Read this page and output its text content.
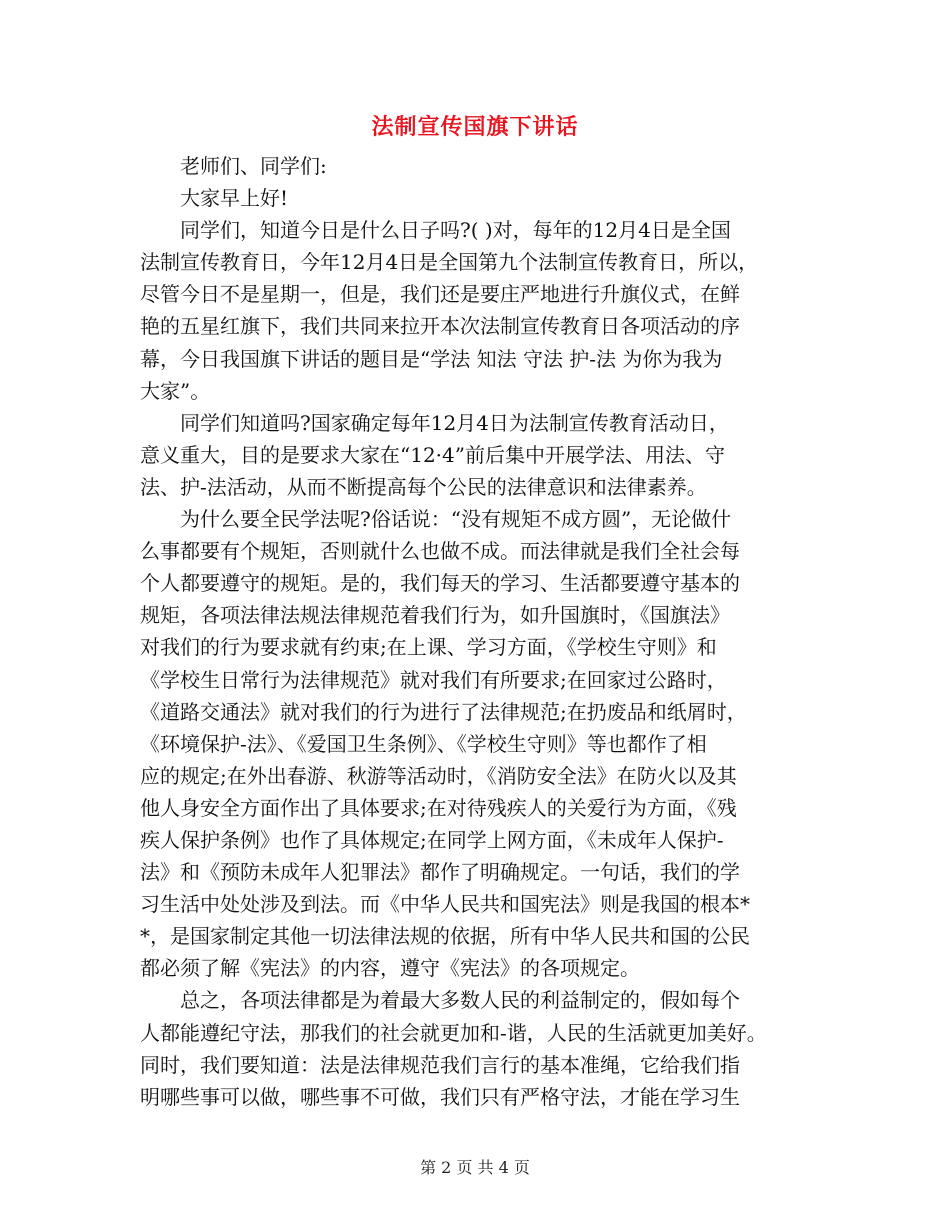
法制宣传国旗下讲话
　　老师们、同学们:
　　大家早上好!
　　同学们，知道今日是什么日子吗?( )对，每年的12月4日是全国
法制宣传教育日，今年12月4日是全国第九个法制宣传教育日，所以，
尽管今日不是星期一，但是，我们还是要庄严地进行升旗仪式，在鲜
艳的五星红旗下，我们共同来拉开本次法制宣传教育日各项活动的序
幕，今日我国旗下讲话的题目是“学法 知法 守法 护-法 为你为我为
大家”。
　　同学们知道吗?国家确定每年12月4日为法制宣传教育活动日，
意义重大，目的是要求大家在“12·4”前后集中开展学法、用法、守
法、护-法活动，从而不断提高每个公民的法律意识和法律素养。
　　为什么要全民学法呢?俗话说：“没有规矩不成方圆”，无论做什
么事都要有个规矩，否则就什么也做不成。而法律就是我们全社会每
个人都要遵守的规矩。是的，我们每天的学习、生活都要遵守基本的
规矩，各项法律法规法律规范着我们行为，如升国旗时，《国旗法》
对我们的行为要求就有约束;在上课、学习方面，《学校生守则》和
《学校生日常行为法律规范》就对我们有所要求;在回家过公路时，
《道路交通法》就对我们的行为进行了法律规范;在扔废品和纸屑时，
《环境保护-法》、《爱国卫生条例》、《学校生守则》等也都作了相
应的规定;在外出春游、秋游等活动时，《消防安全法》在防火以及其
他人身安全方面作出了具体要求;在对待残疾人的关爱行为方面，《残
疾人保护条例》也作了具体规定;在同学上网方面，《未成年人保护-
法》和《预防未成年人犯罪法》都作了明确规定。一句话，我们的学
习生活中处处涉及到法。而《中华人民共和国宪法》则是我国的根本*
*，是国家制定其他一切法律法规的依据，所有中华人民共和国的公民
都必须了解《宪法》的内容，遵守《宪法》的各项规定。
　　总之，各项法律都是为着最大多数人民的利益制定的，假如每个
人都能遵纪守法，那我们的社会就更加和-谐，人民的生活就更加美好。
同时，我们要知道：法是法律规范我们言行的基本准绳，它给我们指
明哪些事可以做，哪些事不可做，我们只有严格守法，才能在学习生
第 2 页 共 4 页
